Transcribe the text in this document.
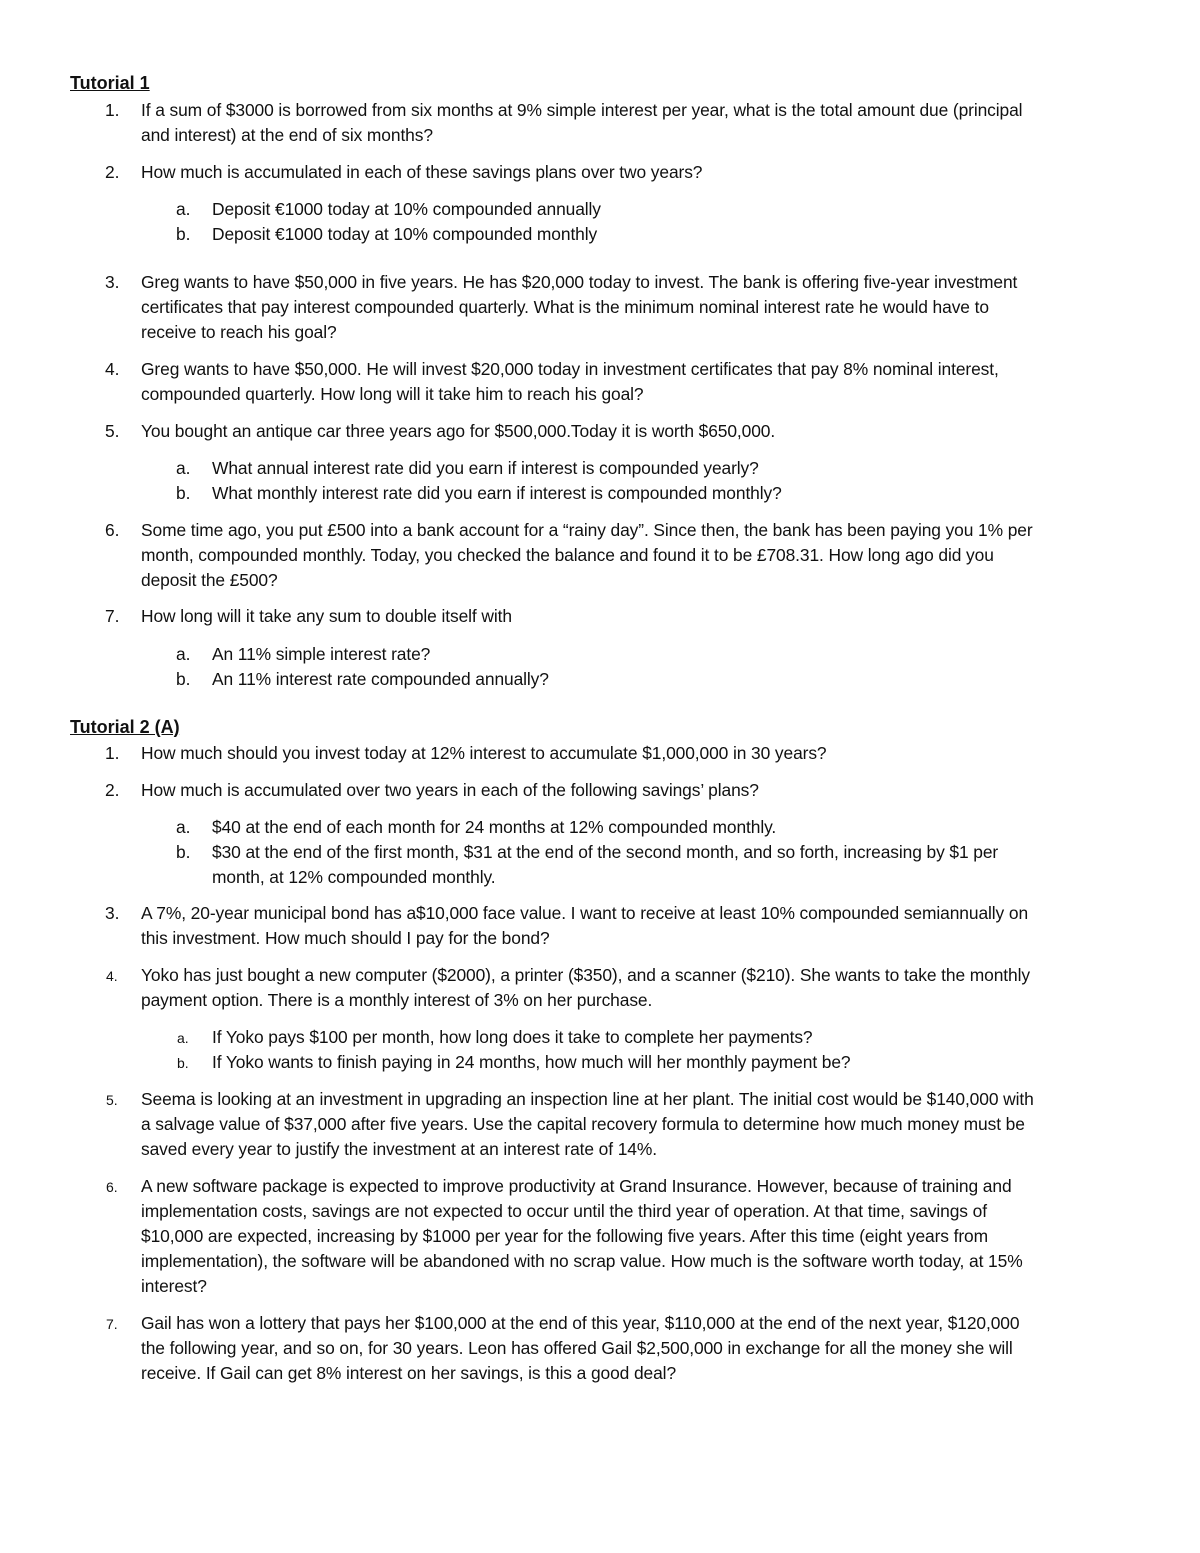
Tutorial 1
1. If a sum of $3000 is borrowed from six months at 9% simple interest per year, what is the total amount due (principal
and interest) at the end of six months?
2. How much is accumulated in each of these savings plans over two years?
a. Deposit €1000 today at 10% compounded annually
b. Deposit €1000 today at 10% compounded monthly
3. Greg wants to have $50,000 in five years. He has $20,000 today to invest. The bank is offering five-year investment
certificates that pay interest compounded quarterly. What is the minimum nominal interest rate he would have to
receive to reach his goal?
4. Greg wants to have $50,000. He will invest $20,000 today in investment certificates that pay 8% nominal interest,
compounded quarterly. How long will it take him to reach his goal?
5. You bought an antique car three years ago for $500,000.Today it is worth $650,000.
a. What annual interest rate did you earn if interest is compounded yearly?
b. What monthly interest rate did you earn if interest is compounded monthly?
6. Some time ago, you put £500 into a bank account for a “rainy day”. Since then, the bank has been paying you 1% per
month, compounded monthly. Today, you checked the balance and found it to be £708.31. How long ago did you
deposit the £500?
7. How long will it take any sum to double itself with
a. An 11% simple interest rate?
b. An 11% interest rate compounded annually?
Tutorial 2 (A)
1. How much should you invest today at 12% interest to accumulate $1,000,000 in 30 years?
2. How much is accumulated over two years in each of the following savings’ plans?
a. $40 at the end of each month for 24 months at 12% compounded monthly.
b. $30 at the end of the first month, $31 at the end of the second month, and so forth, increasing by $1 per
month, at 12% compounded monthly.
3. A 7%, 20-year municipal bond has a$10,000 face value. I want to receive at least 10% compounded semiannually on
this investment. How much should I pay for the bond?
4. Yoko has just bought a new computer ($2000), a printer ($350), and a scanner ($210). She wants to take the monthly
payment option. There is a monthly interest of 3% on her purchase.
a. If Yoko pays $100 per month, how long does it take to complete her payments?
b. If Yoko wants to finish paying in 24 months, how much will her monthly payment be?
5. Seema is looking at an investment in upgrading an inspection line at her plant. The initial cost would be $140,000 with
a salvage value of $37,000 after five years. Use the capital recovery formula to determine how much money must be
saved every year to justify the investment at an interest rate of 14%.
6. A new software package is expected to improve productivity at Grand Insurance. However, because of training and
implementation costs, savings are not expected to occur until the third year of operation. At that time, savings of
$10,000 are expected, increasing by $1000 per year for the following five years. After this time (eight years from
implementation), the software will be abandoned with no scrap value. How much is the software worth today, at 15%
interest?
7. Gail has won a lottery that pays her $100,000 at the end of this year, $110,000 at the end of the next year, $120,000
the following year, and so on, for 30 years. Leon has offered Gail $2,500,000 in exchange for all the money she will
receive. If Gail can get 8% interest on her savings, is this a good deal?
